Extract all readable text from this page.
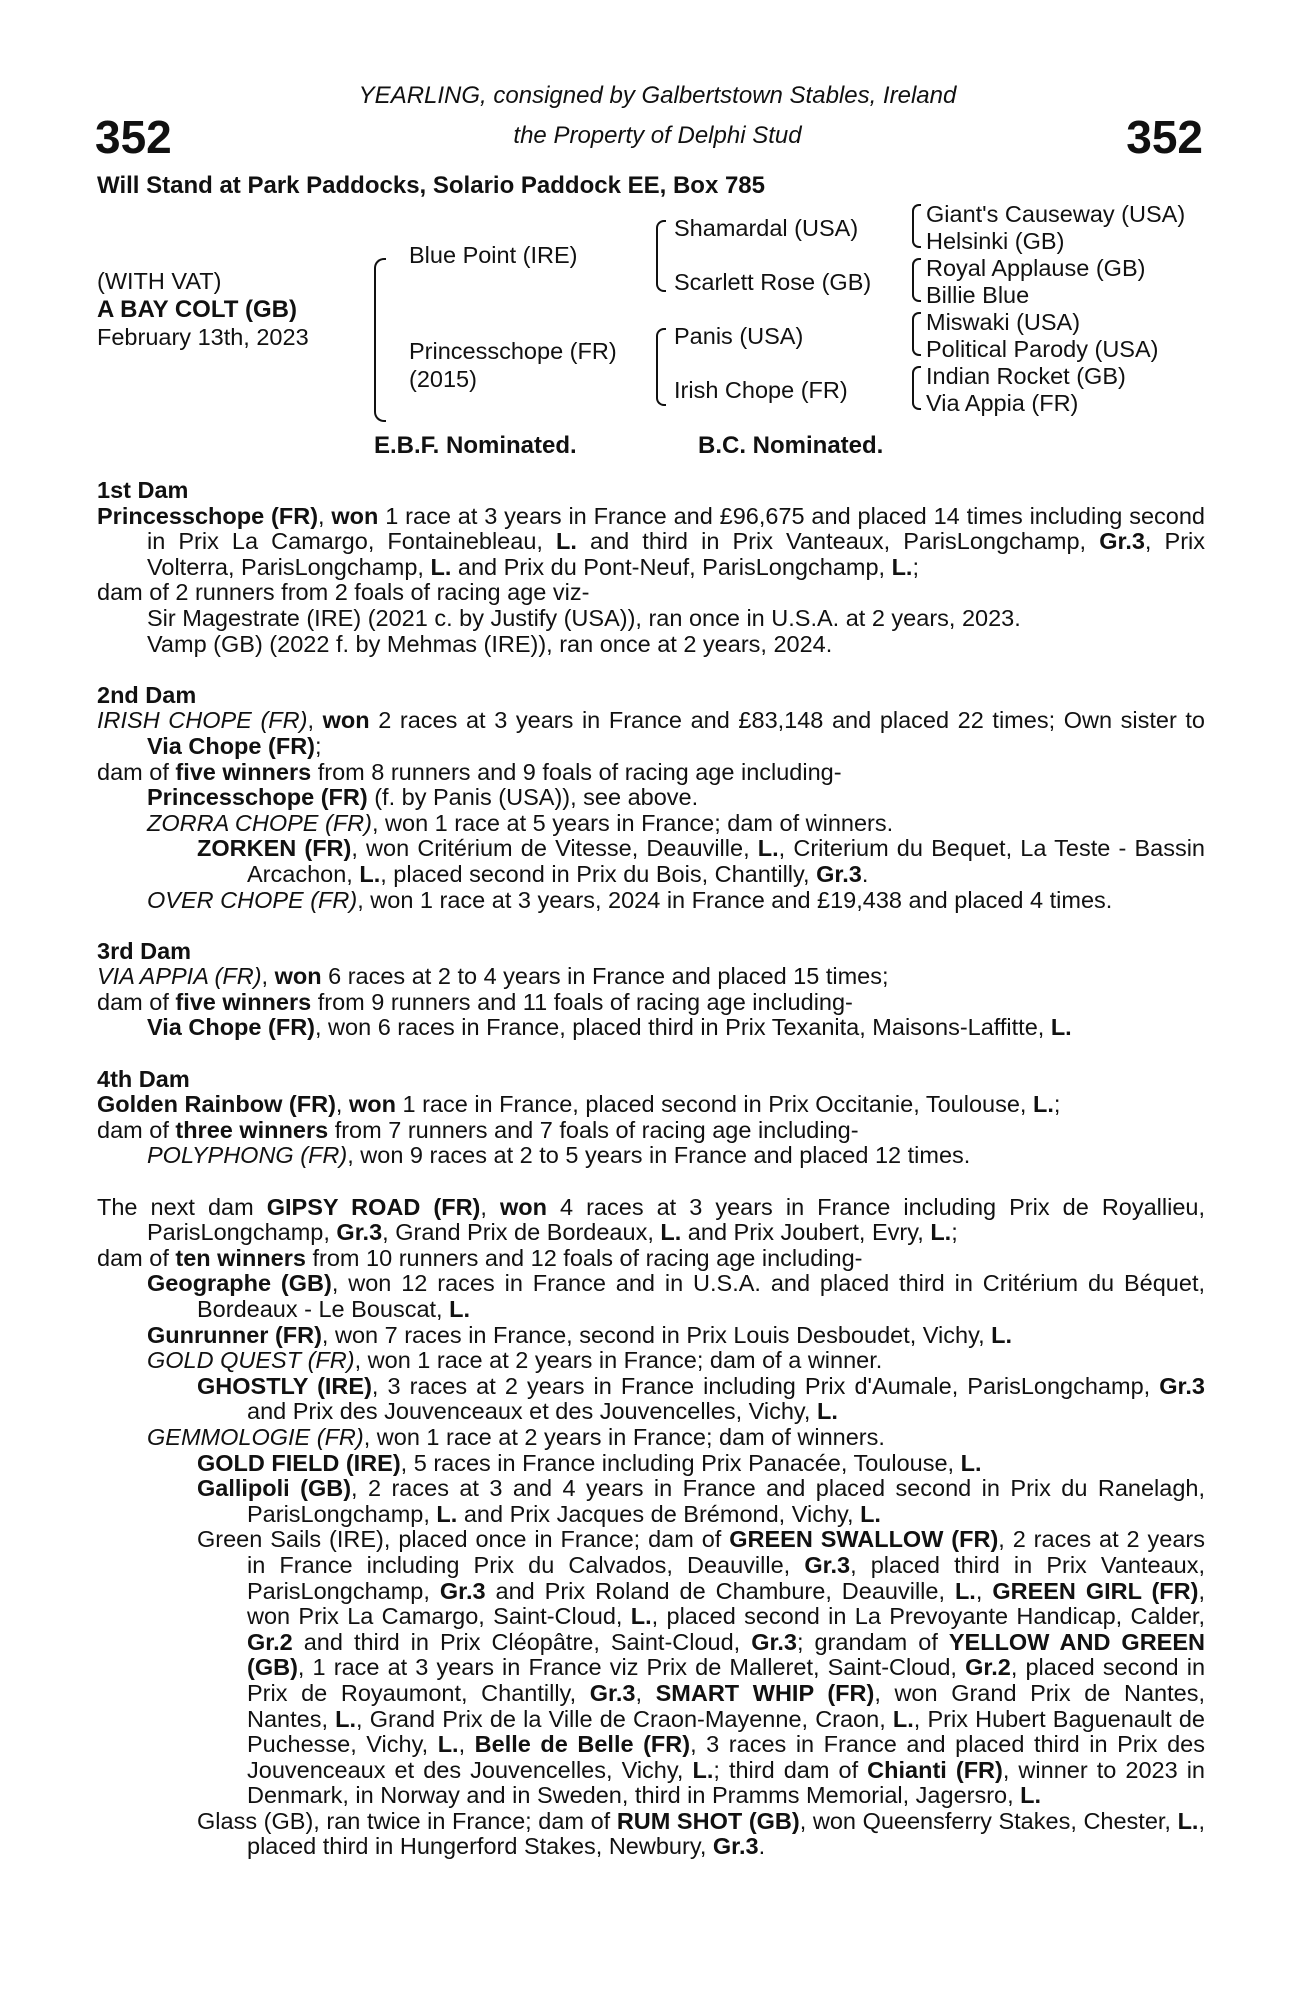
352	352
YEARLING, consigned by Galbertstown Stables, Ireland
the Property of Delphi Stud
Will Stand at Park Paddocks, Solario Paddock EE, Box 785
(WITH VAT)
A BAY COLT (GB)
February 13th, 2023
Blue Point (IRE)
Princesschope (FR)
(2015)
Shamardal (USA)
Scarlett Rose (GB)
Panis (USA)
Irish Chope (FR)
Giant's Causeway (USA)
Helsinki (GB)
Royal Applause (GB)
Billie Blue
Miswaki (USA)
Political Parody (USA)
Indian Rocket (GB)
Via Appia (FR)
E.B.F. Nominated.	B.C. Nominated.
1st Dam
Princesschope (FR), won 1 race at 3 years in France and £96,675 and placed 14 times including second in Prix La Camargo, Fontainebleau, L. and third in Prix Vanteaux, ParisLongchamp, Gr.3, Prix Volterra, ParisLongchamp, L. and Prix du Pont-Neuf, ParisLongchamp, L.;
dam of 2 runners from 2 foals of racing age viz-
Sir Magestrate (IRE) (2021 c. by Justify (USA)), ran once in U.S.A. at 2 years, 2023.
Vamp (GB) (2022 f. by Mehmas (IRE)), ran once at 2 years, 2024.
2nd Dam
IRISH CHOPE (FR), won 2 races at 3 years in France and £83,148 and placed 22 times; Own sister to Via Chope (FR);
dam of five winners from 8 runners and 9 foals of racing age including-
Princesschope (FR) (f. by Panis (USA)), see above.
ZORRA CHOPE (FR), won 1 race at 5 years in France; dam of winners.
ZORKEN (FR), won Critérium de Vitesse, Deauville, L., Criterium du Bequet, La Teste - Bassin Arcachon, L., placed second in Prix du Bois, Chantilly, Gr.3.
OVER CHOPE (FR), won 1 race at 3 years, 2024 in France and £19,438 and placed 4 times.
3rd Dam
VIA APPIA (FR), won 6 races at 2 to 4 years in France and placed 15 times;
dam of five winners from 9 runners and 11 foals of racing age including-
Via Chope (FR), won 6 races in France, placed third in Prix Texanita, Maisons-Laffitte, L.
4th Dam
Golden Rainbow (FR), won 1 race in France, placed second in Prix Occitanie, Toulouse, L.;
dam of three winners from 7 runners and 7 foals of racing age including-
POLYPHONG (FR), won 9 races at 2 to 5 years in France and placed 12 times.
The next dam GIPSY ROAD (FR), won 4 races at 3 years in France including Prix de Royallieu, ParisLongchamp, Gr.3, Grand Prix de Bordeaux, L. and Prix Joubert, Evry, L.;
dam of ten winners from 10 runners and 12 foals of racing age including-
Geographe (GB), won 12 races in France and in U.S.A. and placed third in Critérium du Béquet, Bordeaux - Le Bouscat, L.
Gunrunner (FR), won 7 races in France, second in Prix Louis Desboudet, Vichy, L.
GOLD QUEST (FR), won 1 race at 2 years in France; dam of a winner.
GHOSTLY (IRE), 3 races at 2 years in France including Prix d'Aumale, ParisLongchamp, Gr.3 and Prix des Jouvenceaux et des Jouvencelles, Vichy, L.
GEMMOLOGIE (FR), won 1 race at 2 years in France; dam of winners.
GOLD FIELD (IRE), 5 races in France including Prix Panacée, Toulouse, L.
Gallipoli (GB), 2 races at 3 and 4 years in France and placed second in Prix du Ranelagh, ParisLongchamp, L. and Prix Jacques de Brémond, Vichy, L.
Green Sails (IRE), placed once in France; dam of GREEN SWALLOW (FR), 2 races at 2 years in France including Prix du Calvados, Deauville, Gr.3, placed third in Prix Vanteaux, ParisLongchamp, Gr.3 and Prix Roland de Chambure, Deauville, L., GREEN GIRL (FR), won Prix La Camargo, Saint-Cloud, L., placed second in La Prevoyante Handicap, Calder, Gr.2 and third in Prix Cléopâtre, Saint-Cloud, Gr.3; grandam of YELLOW AND GREEN (GB), 1 race at 3 years in France viz Prix de Malleret, Saint-Cloud, Gr.2, placed second in Prix de Royaumont, Chantilly, Gr.3, SMART WHIP (FR), won Grand Prix de Nantes, Nantes, L., Grand Prix de la Ville de Craon-Mayenne, Craon, L., Prix Hubert Baguenault de Puchesse, Vichy, L., Belle de Belle (FR), 3 races in France and placed third in Prix des Jouvenceaux et des Jouvencelles, Vichy, L.; third dam of Chianti (FR), winner to 2023 in Denmark, in Norway and in Sweden, third in Pramms Memorial, Jagersro, L.
Glass (GB), ran twice in France; dam of RUM SHOT (GB), won Queensferry Stakes, Chester, L., placed third in Hungerford Stakes, Newbury, Gr.3.
